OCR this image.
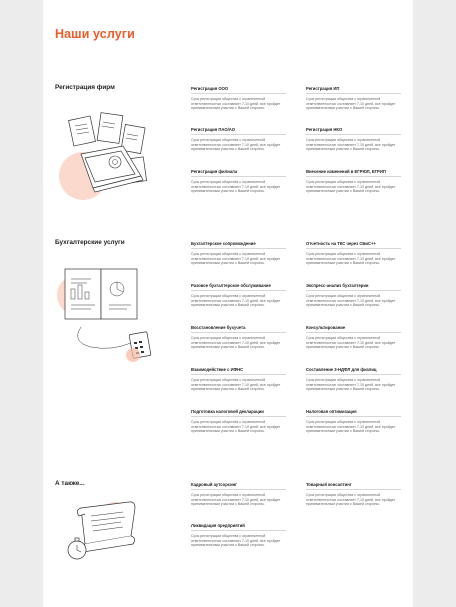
Наши услуги
Регистрация фирм	Регистрация ООО
Срок регистрации общества с ограниченной ответственностью составляет 7-10 дней, все пройдет принимательным участии с Вашей стороны.
Регистрация ИП
Срок регистрации общества с ограниченной ответственностью составляет 7-10 дней, все пройдет принимательным участии с Вашей стороны.
Регистрация ПАО/АО
Срок регистрации общества с ограниченной ответственностью составляет 7-10 дней, все пройдет принимательным участии с Вашей стороны.
Регистрация НКО
Срок регистрации общества с ограниченной ответственностью составляет 7-10 дней, все пройдет принимательным участии с Вашей стороны.
Регистрация филиала
Срок регистрации общества с ограниченной ответственностью составляет 7-10 дней, все пройдет принимательным участии с Вашей стороны.
Внесение изменений в ЕГРЮЛ, ЕГРИП
Срок регистрации общества с ограниченной ответственностью составляет 7-10 дней, все пройдет принимательным участии с Вашей стороны.
Бухгалтерские услуги	Бухгалтерское сопровождение
Срок регистрации общества с ограниченной ответственностью составляет 7-10 дней, все пройдет принимательным участии с Вашей стороны.
Отчетность на ТКС через СБиС++
Срок регистрации общества с ограниченной ответственностью составляет 7-10 дней, все пройдет принимательным участии с Вашей стороны.
Разовое бухгалтерское обслуживание
Срок регистрации общества с ограниченной ответственностью составляет 7-10 дней, все пройдет принимательным участии с Вашей стороны.
Экспресс-анализ бухгалтерии
Срок регистрации общества с ограниченной ответственностью составляет 7-10 дней, все пройдет принимательным участии с Вашей стороны.
Восстановление бухучета
Срок регистрации общества с ограниченной ответственностью составляет 7-10 дней, все пройдет принимательным участии с Вашей стороны.
Консультирование
Срок регистрации общества с ограниченной ответственностью составляет 7-10 дней, все пройдет принимательным участии с Вашей стороны.
Взаимодействие с ИФНС
Срок регистрации общества с ограниченной ответственностью составляет 7-10 дней, все пройдет принимательным участии с Вашей стороны.
Составление 3-НДФЛ для физлиц
Срок регистрации общества с ограниченной ответственностью составляет 7-10 дней, все пройдет принимательным участии с Вашей стороны.
Подготовка налоговой декларации
Срок регистрации общества с ограниченной ответственностью составляет 7-10 дней, все пройдет принимательным участии с Вашей стороны.
Налоговая оптимизация
Срок регистрации общества с ограниченной ответственностью составляет 7-10 дней, все пройдет принимательным участии с Вашей стороны.
А также...	Кадровый аутсорсинг
Срок регистрации общества с ограниченной ответственностью составляет 7-10 дней, все пройдет принимательным участии с Вашей стороны.
Товарный консалтинг
Срок регистрации общества с ограниченной ответственностью составляет 7-10 дней, все пройдет принимательным участии с Вашей стороны.
Ликвидация предприятий
Срок регистрации общества с ограниченной ответственностью составляет 7-10 дней, все пройдет принимательным участии с Вашей стороны.
